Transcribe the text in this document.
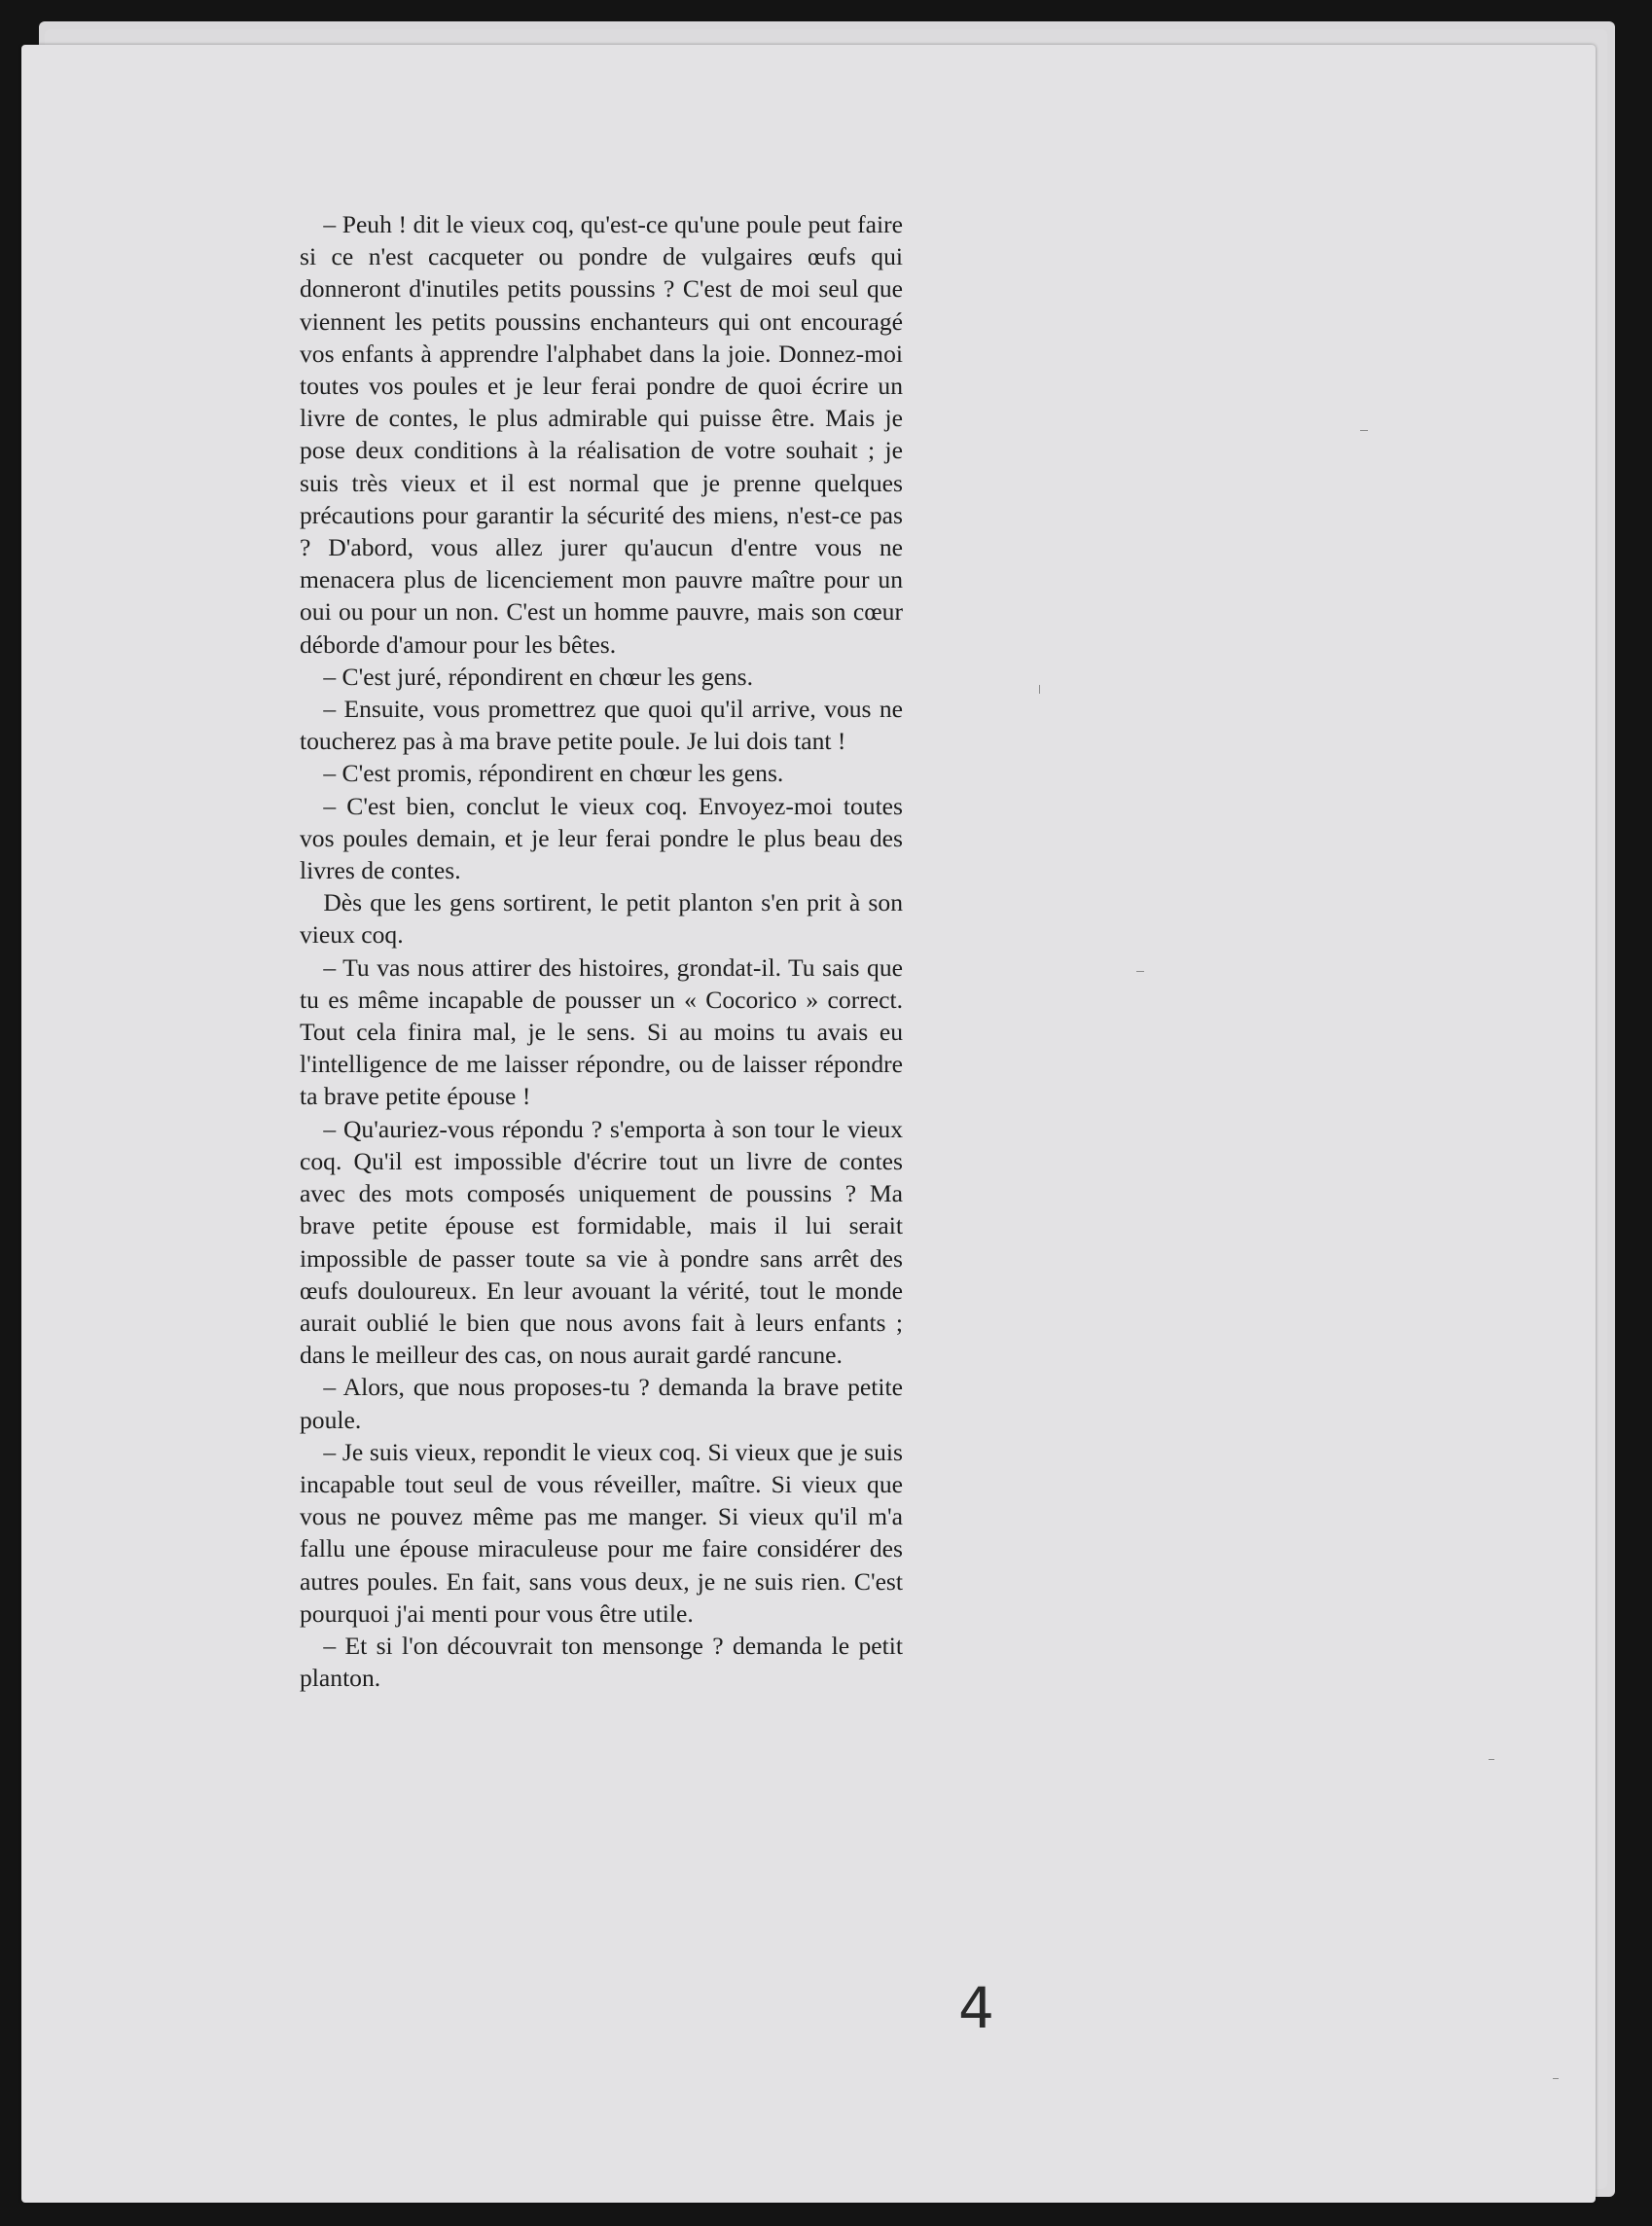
– Peuh ! dit le vieux coq, qu'est-ce qu'une poule peut faire si ce n'est cacqueter ou pondre de vulgaires œufs qui donneront d'inutiles petits poussins ? C'est de moi seul que viennent les petits poussins enchanteurs qui ont encouragé vos enfants à apprendre l'alphabet dans la joie. Donnez-moi toutes vos poules et je leur ferai pondre de quoi écrire un livre de contes, le plus admirable qui puisse être. Mais je pose deux conditions à la réalisation de votre souhait ; je suis très vieux et il est normal que je prenne quelques précautions pour garantir la sécurité des miens, n'est-ce pas ? D'abord, vous allez jurer qu'aucun d'entre vous ne menacera plus de licenciement mon pauvre maître pour un oui ou pour un non. C'est un homme pauvre, mais son cœur déborde d'amour pour les bêtes.

– C'est juré, répondirent en chœur les gens.

– Ensuite, vous promettrez que quoi qu'il arrive, vous ne toucherez pas à ma brave petite poule. Je lui dois tant !

– C'est promis, répondirent en chœur les gens.

– C'est bien, conclut le vieux coq. Envoyez-moi toutes vos poules demain, et je leur ferai pondre le plus beau des livres de contes.

Dès que les gens sortirent, le petit planton s'en prit à son vieux coq.

– Tu vas nous attirer des histoires, grondat-il. Tu sais que tu es même incapable de pousser un « Cocorico » correct. Tout cela finira mal, je le sens. Si au moins tu avais eu l'intelligence de me laisser répondre, ou de laisser répondre ta brave petite épouse !

– Qu'auriez-vous répondu ? s'emporta à son tour le vieux coq. Qu'il est impossible d'écrire tout un livre de contes avec des mots composés uniquement de poussins ? Ma brave petite épouse est formidable, mais il lui serait impossible de passer toute sa vie à pondre sans arrêt des œufs douloureux. En leur avouant la vérité, tout le monde aurait oublié le bien que nous avons fait à leurs enfants ; dans le meilleur des cas, on nous aurait gardé rancune.

– Alors, que nous proposes-tu ? demanda la brave petite poule.

– Je suis vieux, repondit le vieux coq. Si vieux que je suis incapable tout seul de vous réveiller, maître. Si vieux que vous ne pouvez même pas me manger. Si vieux qu'il m'a fallu une épouse miraculeuse pour me faire considérer des autres poules. En fait, sans vous deux, je ne suis rien. C'est pourquoi j'ai menti pour vous être utile.

– Et si l'on découvrait ton mensonge ? demanda le petit planton.

4
